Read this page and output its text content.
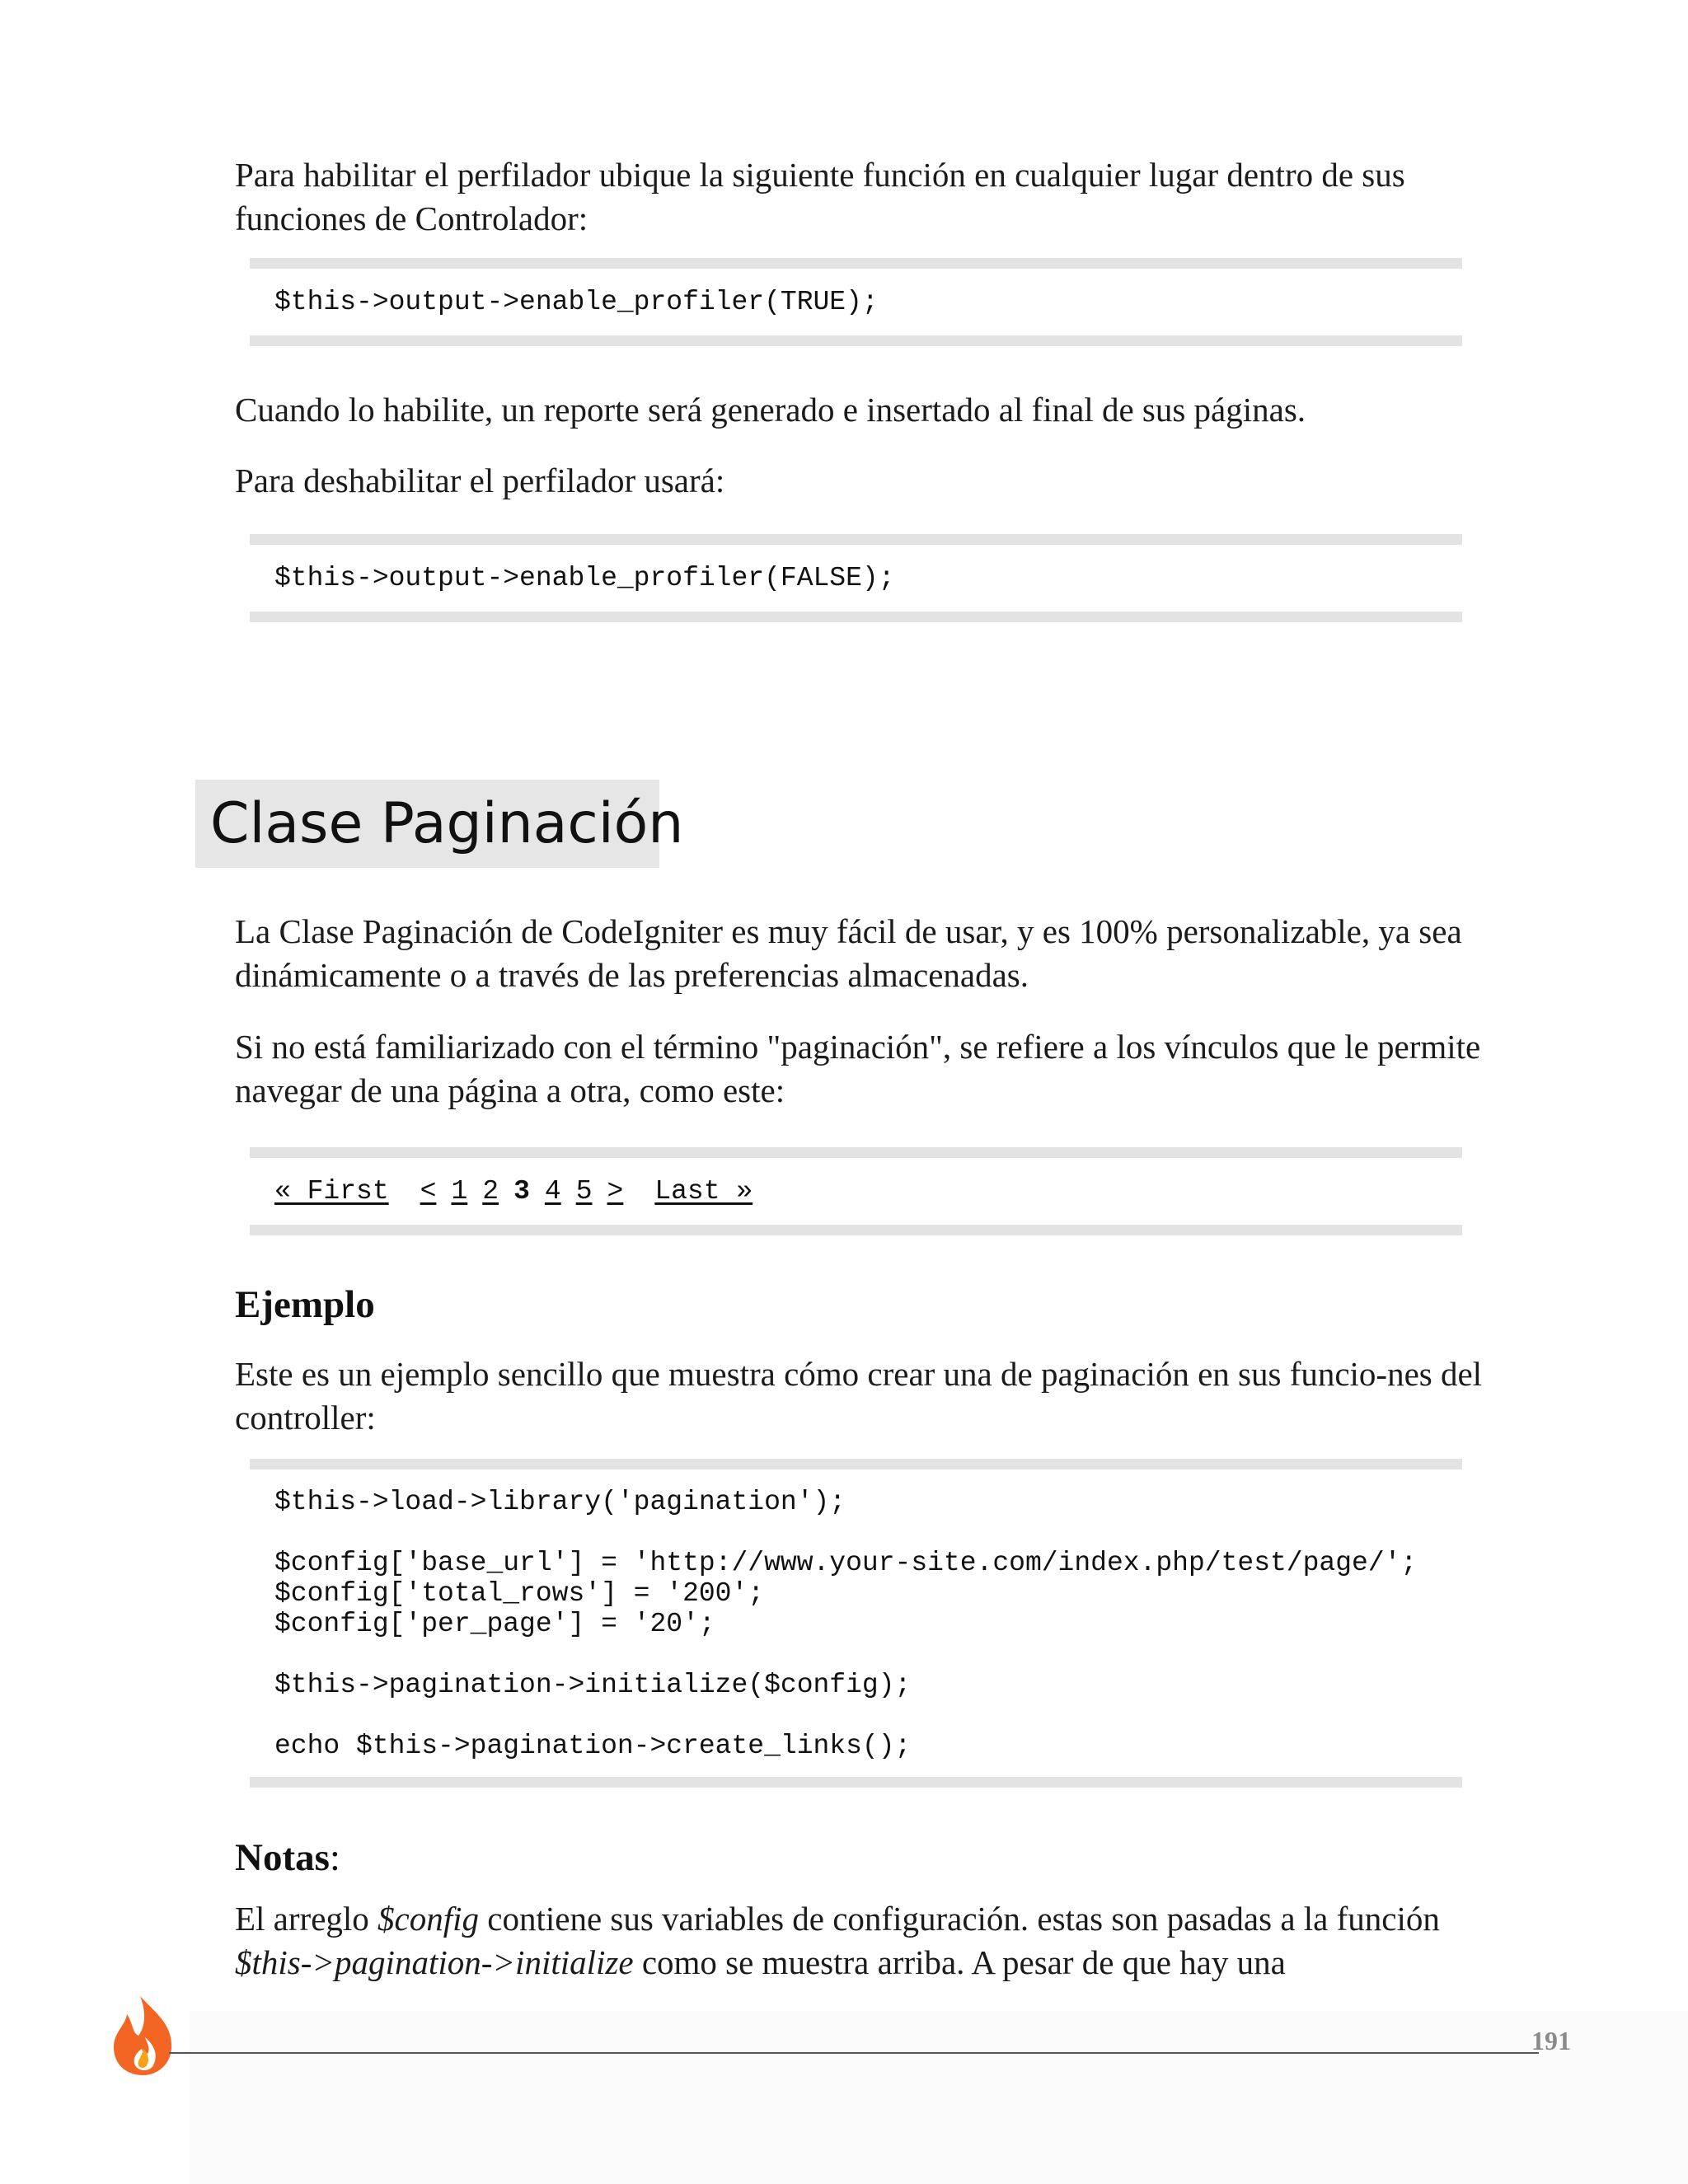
Para habilitar el perfilador ubique la siguiente función en cualquier lugar dentro de sus funciones de Controlador:

$this->output->enable_profiler(TRUE);

Cuando lo habilite, un reporte será generado e insertado al final de sus páginas.

Para deshabilitar el perfilador usará:

$this->output->enable_profiler(FALSE);
Clase Paginación

La Clase Paginación de CodeIgniter es muy fácil de usar, y es 100% personalizable, ya sea dinámicamente o a través de las preferencias almacenadas.

Si no está familiarizado con el término "paginación", se refiere a los vínculos que le permite navegar de una página a otra, como este:

« First < 1 2 3 4 5 > Last »
Ejemplo

Este es un ejemplo sencillo que muestra cómo crear una de paginación en sus funcio-nes del controller:

$this->load->library('pagination');
$config['base_url'] = 'http://www.your-site.com/index.php/test/page/';
$config['total_rows'] = '200';
$config['per_page'] = '20';
$this->pagination->initialize($config);
echo $this->pagination->create_links();
Notas:

El arreglo $config contiene sus variables de configuración. estas son pasadas a la función $this->pagination->initialize como se muestra arriba. A pesar de que hay una

191
